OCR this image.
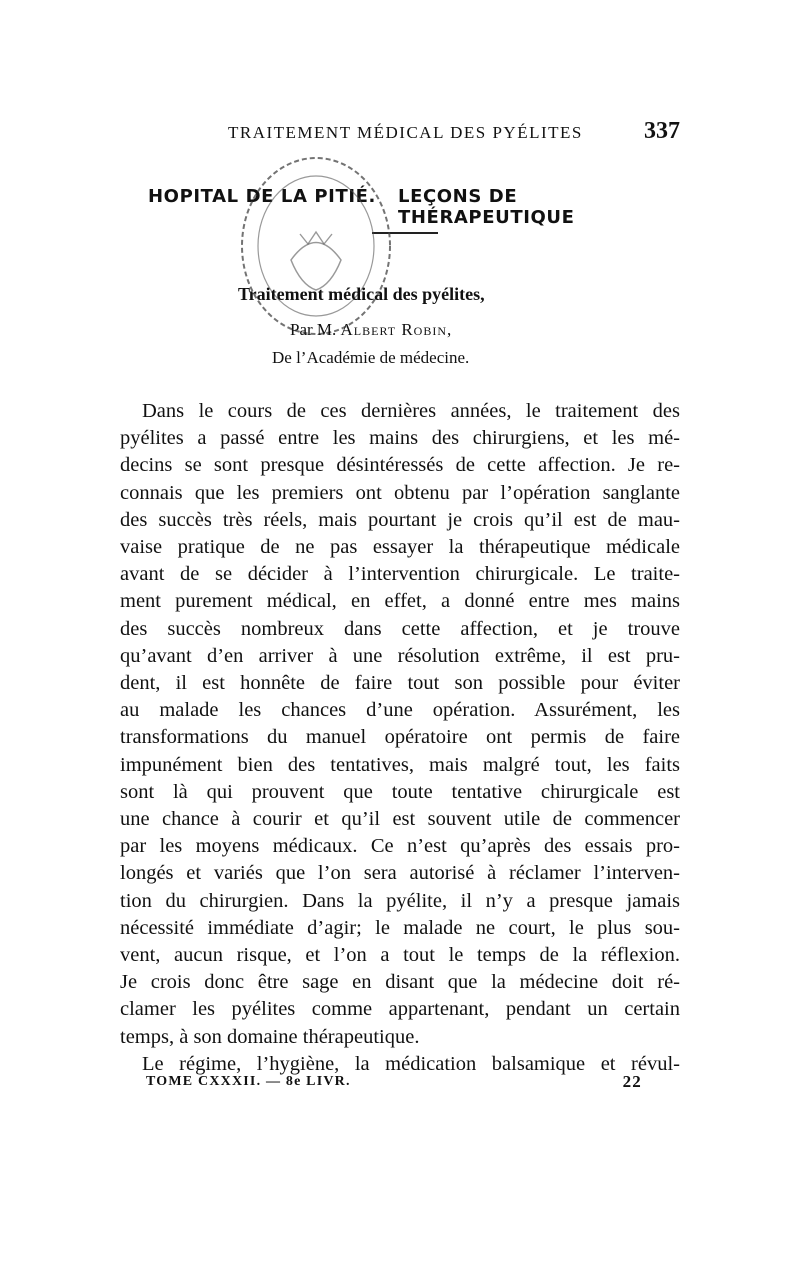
TRAITEMENT MÉDICAL DES PYÉLITES	337
HOPITAL DE LA PITIÉ. LEÇONS DE THÉRAPEUTIQUE
Traitement médical des pyélites,
Par M. Albert Robin,
De l’Académie de médecine.
Dans le cours de ces dernières années, le traitement des
pyélites a passé entre les mains des chirurgiens, et les mé-
decins se sont presque désintéressés de cette affection. Je re-
connais que les premiers ont obtenu par l’opération sanglante
des succès très réels, mais pourtant je crois qu’il est de mau-
vaise pratique de ne pas essayer la thérapeutique médicale
avant de se décider à l’intervention chirurgicale. Le traite-
ment purement médical, en effet, a donné entre mes mains
des succès nombreux dans cette affection, et je trouve
qu’avant d’en arriver à une résolution extrême, il est pru-
dent, il est honnête de faire tout son possible pour éviter
au malade les chances d’une opération. Assurément, les
transformations du manuel opératoire ont permis de faire
impunément bien des tentatives, mais malgré tout, les faits
sont là qui prouvent que toute tentative chirurgicale est
une chance à courir et qu’il est souvent utile de commencer
par les moyens médicaux. Ce n’est qu’après des essais pro-
longés et variés que l’on sera autorisé à réclamer l’interven-
tion du chirurgien. Dans la pyélite, il n’y a presque jamais
nécessité immédiate d’agir; le malade ne court, le plus sou-
vent, aucun risque, et l’on a tout le temps de la réflexion.
Je crois donc être sage en disant que la médecine doit ré-
clamer les pyélites comme appartenant, pendant un certain
temps, à son domaine thérapeutique.
Le régime, l’hygiène, la médication balsamique et révul-
TOME CXXXII. — 8e LIVR.	22
